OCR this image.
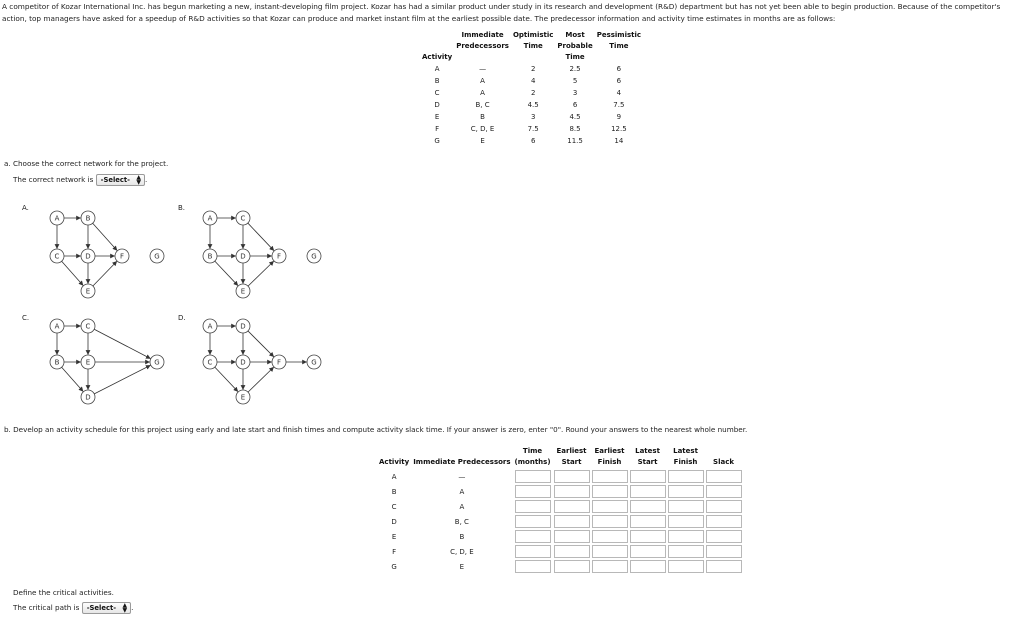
A competitor of Kozar International Inc. has begun marketing a new, instant-developing film project. Kozar has had a similar product under study in its research and development (R&D) department but has not yet been able to begin production. Because of the competitor's action, top managers have asked for a speedup of R&D activities so that Kozar can produce and market instant film at the earliest possible date. The predecessor information and activity time estimates in months are as follows:
Activity	Immediate Predecessors	Optimistic Time	Most Probable Time	Pessimistic Time
A	—	2	2.5	6
B	A	4	5	6
C	A	2	3	4
D	B, C	4.5	6	7.5
E	B	3	4.5	9
F	C, D, E	7.5	8.5	12.5
G	E	6	11.5	14
a. Choose the correct network for the project.
The correct network is -Select- ▲
▼ .
A.
A	B
C	D	F	G
E
B.
A	C
B	D	F	G
E
C.
A	C
B	E	G
D
D.
A	D
C
E
F	G
D
b. Develop an activity schedule for this project using early and late start and finish times and compute activity slack time. If your answer is zero, enter "0". Round your answers to the nearest whole number.
Activity	Immediate Predecessors	Time (months)	Earliest Start	Earliest Finish	Latest Start	Latest Finish	Slack
A	—	

B	A	

C	A	

D	B, C	

E	B	

F	C, D, E	

G	E	

Define the critical activities.
The critical path is -Select- ▲
▼ .
